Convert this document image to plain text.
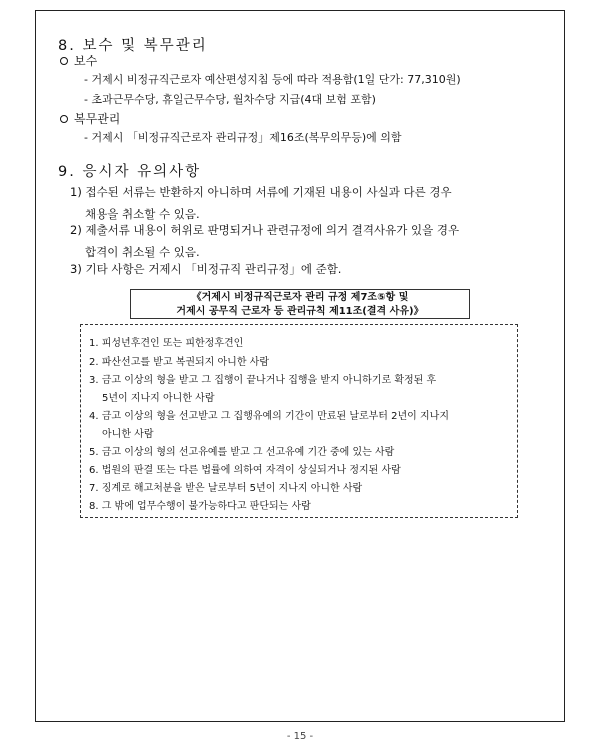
8. 보수 및 복무관리
보수
- 거제시 비정규직근로자 예산편성지침 등에 따라 적용함(1일 단가: 77,310원)
- 초과근무수당, 휴일근무수당, 월차수당 지급(4대 보험 포함)
복무관리
- 거제시 「비정규직근로자 관리규정」제16조(복무의무등)에 의함
9. 응시자 유의사항
1) 접수된 서류는 반환하지 아니하며 서류에 기재된 내용이 사실과 다른 경우
채용을 취소할 수 있음.
2) 제출서류 내용이 허위로 판명되거나 관련규정에 의거 결격사유가 있을 경우
합격이 취소될 수 있음.
3) 기타 사항은 거제시 「비정규직 관리규정」에 준함.
《거제시 비정규직근로자 관리 규정 제7조⑤항 및
거제시 공무직 근로자 등 관리규칙 제11조(결격 사유)》
1. 피성년후견인 또는 피한정후견인
2. 파산선고를 받고 복권되지 아니한 사람
3. 금고 이상의 형을 받고 그 집행이 끝나거나 집행을 받지 아니하기로 확정된 후
5년이 지나지 아니한 사람
4. 금고 이상의 형을 선고받고 그 집행유예의 기간이 만료된 날로부터 2년이 지나지
아니한 사람
5. 금고 이상의 형의 선고유예를 받고 그 선고유예 기간 중에 있는 사람
6. 법원의 판결 또는 다른 법률에 의하여 자격이 상실되거나 정지된 사람
7. 징계로 해고처분을 받은 날로부터 5년이 지나지 아니한 사람
8. 그 밖에 업무수행이 불가능하다고 판단되는 사람
- 15 -
